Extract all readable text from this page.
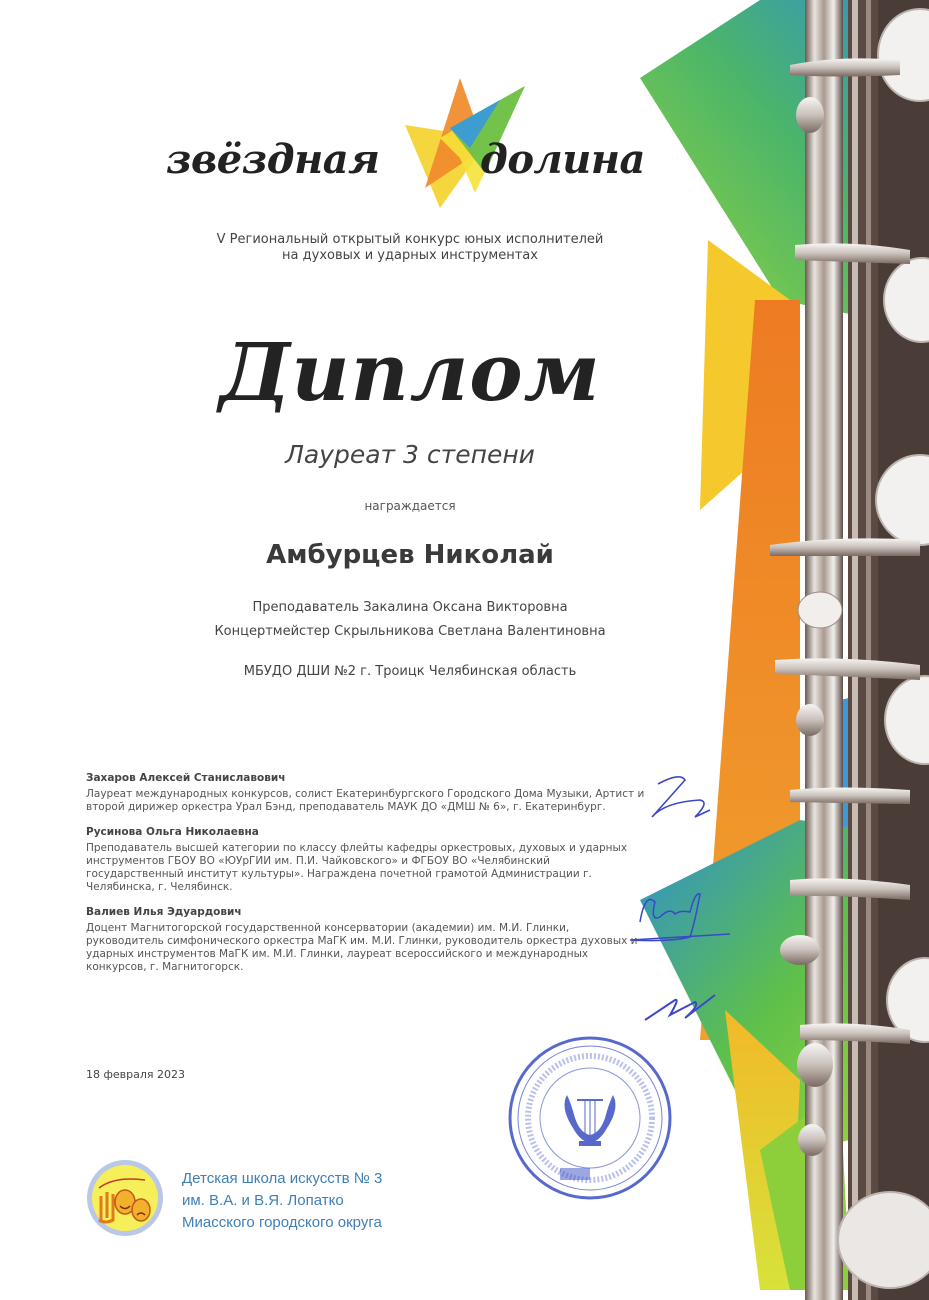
звёздная	долина
V Региональный открытый конкурс юных исполнителей
на духовых и ударных инструментах
Диплом
Лауреат 3 степени
награждается
Амбурцев Николай
Преподаватель Закалина Оксана Викторовна
Концертмейстер Скрыльникова Светлана Валентиновна
МБУДО ДШИ №2 г. Троицк Челябинская область
Захаров Алексей Станиславович
Лауреат международных конкурсов, солист Екатеринбургского Городского Дома Музыки, Артист и второй дирижер оркестра Урал Бэнд, преподаватель МАУК ДО «ДМШ № 6», г. Екатеринбург.
Русинова Ольга Николаевна
Преподаватель высшей категории по классу флейты кафедры оркестровых, духовых и ударных инструментов ГБОУ ВО «ЮУрГИИ им. П.И. Чайковского» и ФГБОУ ВО «Челябинский государственный институт культуры». Награждена почетной грамотой Администрации г. Челябинска, г. Челябинск.
Валиев Илья Эдуардович
Доцент Магнитогорской государственной консерватории (академии) им. М.И. Глинки, руководитель симфонического оркестра МаГК им. М.И. Глинки, руководитель оркестра духовых и ударных инструментов МаГК им. М.И. Глинки, лауреат всероссийского и международных конкурсов, г. Магнитогорск.
18 февраля 2023
Детская школа искусств № 3
им. В.А. и В.Я. Лопатко
Миасского городского округа
